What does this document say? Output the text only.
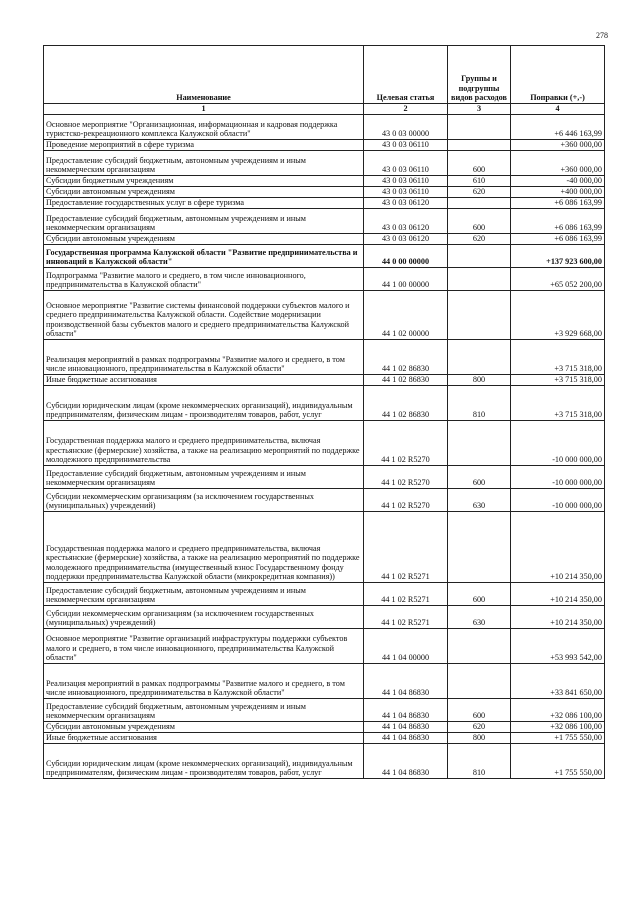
278
Наименование	Целевая статья	Группы и подгруппы видов расходов	Поправки (+,-)
1	2	3	4
Основное мероприятие "Организационная, информационная и кадровая поддержка туристско-рекреационного комплекса Калужской области"	43 0 03 00000		+6 446 163,99
Проведение мероприятий в сфере туризма	43 0 03 06110		+360 000,00
Предоставление субсидий бюджетным, автономным учреждениям и иным некоммерческим организациям	43 0 03 06110	600	+360 000,00
Субсидии бюджетным учреждениям	43 0 03 06110	610	-40 000,00
Субсидии автономным учреждениям	43 0 03 06110	620	+400 000,00
Предоставление государственных услуг в сфере туризма	43 0 03 06120		+6 086 163,99
Предоставление субсидий бюджетным, автономным учреждениям и иным некоммерческим организациям	43 0 03 06120	600	+6 086 163,99
Субсидии автономным учреждениям	43 0 03 06120	620	+6 086 163,99
Государственная программа Калужской области "Развитие предпринимательства и инноваций в Калужской области"	44 0 00 00000		+137 923 600,00
Подпрограмма "Развитие малого и среднего, в том числе инновационного, предпринимательства в Калужской области"	44 1 00 00000		+65 052 200,00
Основное мероприятие "Развитие системы финансовой поддержки субъектов малого и среднего предпринимательства Калужской области. Содействие модернизации производственной базы субъектов малого и среднего предпринимательства Калужской области"	44 1 02 00000		+3 929 668,00
Реализация мероприятий в рамках подпрограммы "Развитие малого и среднего, в том числе инновационного, предпринимательства в Калужской области"	44 1 02 86830		+3 715 318,00
Иные бюджетные ассигнования	44 1 02 86830	800	+3 715 318,00
Субсидии юридическим лицам (кроме некоммерческих организаций), индивидуальным предпринимателям, физическим лицам - производителям товаров, работ, услуг	44 1 02 86830	810	+3 715 318,00
Государственная поддержка малого и среднего предпринимательства, включая крестьянские (фермерские) хозяйства, а также на реализацию мероприятий по поддержке молодежного предпринимательства	44 1 02 R5270		-10 000 000,00
Предоставление субсидий бюджетным, автономным учреждениям и иным некоммерческим организациям	44 1 02 R5270	600	-10 000 000,00
Субсидии некоммерческим организациям (за исключением государственных (муниципальных) учреждений)	44 1 02 R5270	630	-10 000 000,00
Государственная поддержка малого и среднего предпринимательства, включая крестьянские (фермерские) хозяйства, а также на реализацию мероприятий по поддержке молодежного предпринимательства (имущественный взнос Государственному фонду поддержки предпринимательства Калужской области (микрокредитная компания))	44 1 02 R5271		+10 214 350,00
Предоставление субсидий бюджетным, автономным учреждениям и иным некоммерческим организациям	44 1 02 R5271	600	+10 214 350,00
Субсидии некоммерческим организациям (за исключением государственных (муниципальных) учреждений)	44 1 02 R5271	630	+10 214 350,00
Основное мероприятие "Развитие организаций инфраструктуры поддержки субъектов малого и среднего, в том числе инновационного, предпринимательства Калужской области"	44 1 04 00000		+53 993 542,00
Реализация мероприятий в рамках подпрограммы "Развитие малого и среднего, в том числе инновационного, предпринимательства в Калужской области"	44 1 04 86830		+33 841 650,00
Предоставление субсидий бюджетным, автономным учреждениям и иным некоммерческим организациям	44 1 04 86830	600	+32 086 100,00
Субсидии автономным учреждениям	44 1 04 86830	620	+32 086 100,00
Иные бюджетные ассигнования	44 1 04 86830	800	+1 755 550,00
Субсидии юридическим лицам (кроме некоммерческих организаций), индивидуальным предпринимателям, физическим лицам - производителям товаров, работ, услуг	44 1 04 86830	810	+1 755 550,00
